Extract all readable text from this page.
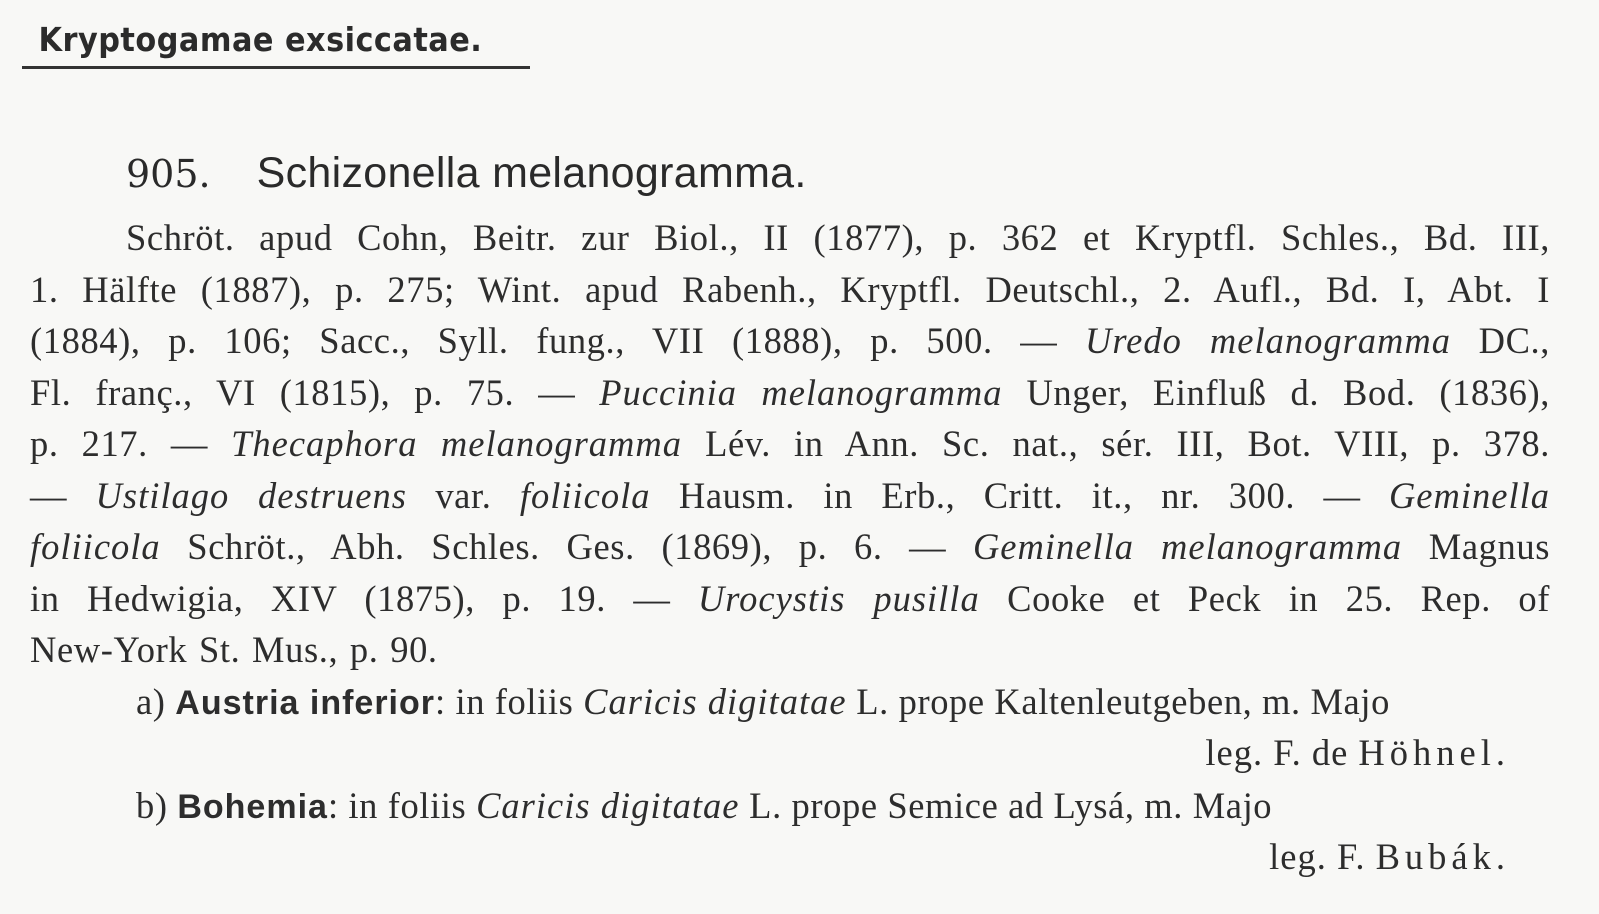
Kryptogamae exsiccatae.
905. Schizonella melanogramma.
Schröt. apud Cohn, Beitr. zur Biol., II (1877), p. 362 et Kryptfl. Schles., Bd. III,
1. Hälfte (1887), p. 275; Wint. apud Rabenh., Kryptfl. Deutschl., 2. Aufl., Bd. I, Abt. I
(1884), p. 106; Sacc., Syll. fung., VII (1888), p. 500. — Uredo melanogramma DC.,
Fl. franç., VI (1815), p. 75. — Puccinia melanogramma Unger, Einfluß d. Bod. (1836),
p. 217. — Thecaphora melanogramma Lév. in Ann. Sc. nat., sér. III, Bot. VIII, p. 378.
— Ustilago destruens var. foliicola Hausm. in Erb., Critt. it., nr. 300. — Geminella
foliicola Schröt., Abh. Schles. Ges. (1869), p. 6. — Geminella melanogramma Magnus
in Hedwigia, XIV (1875), p. 19. — Urocystis pusilla Cooke et Peck in 25. Rep. of
New-York St. Mus., p. 90.
a) Austria inferior: in foliis Caricis digitatae L. prope Kaltenleutgeben, m. Majo
leg. F. de Höhnel.
b) Bohemia: in foliis Caricis digitatae L. prope Semice ad Lysá, m. Majo
leg. F. Bubák.
